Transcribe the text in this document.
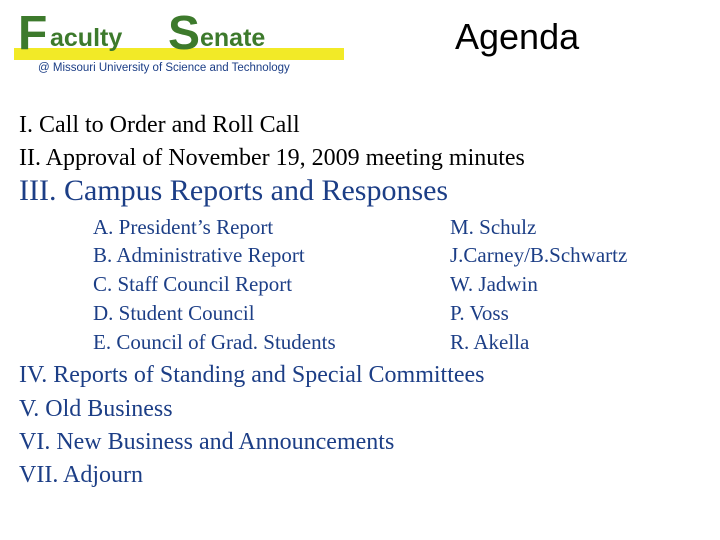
F aculty S enate
@ Missouri University of Science and Technology
Agenda
I. Call to Order and Roll Call
II. Approval of November 19, 2009 meeting minutes
III. Campus Reports and Responses
A. President’s Report	M. Schulz
B. Administrative Report	J.Carney/B.Schwartz
C. Staff Council Report	W. Jadwin
D. Student Council	P. Voss
E. Council of Grad. Students	R. Akella
IV. Reports of Standing and Special Committees
V. Old Business
VI. New Business and Announcements
VII. Adjourn
